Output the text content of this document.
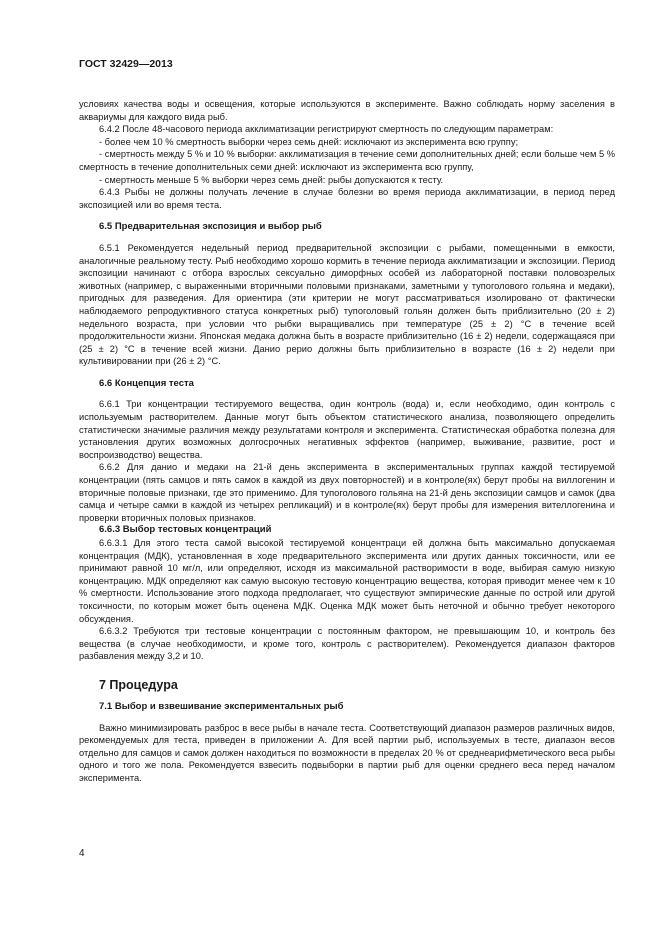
ГОСТ 32429—2013

условиях качества воды и освещения, которые используются в эксперименте. Важно соблюдать норму заселения в аквариумы для каждого вида рыб.

6.4.2 После 48-часового периода акклиматизации регистрируют смертность по следующим параметрам:

- более чем 10 % смертность выборки через семь дней: исключают из эксперимента всю группу;

- смертность между 5 % и 10 % выборки: акклиматизация в течение семи дополнительных дней; если больше чем 5 % смертность в течение дополнительных семи дней: исключают из эксперимента всю группу,

- смертность меньше 5 % выборки через семь дней: рыбы допускаются к тесту.

6.4.3 Рыбы не должны получать лечение в случае болезни во время периода акклиматизации, в период перед экспозицией или во время теста.

6.5 Предварительная экспозиция и выбор рыб

6.5.1 Рекомендуется недельный период предварительной экспозиции с рыбами, помещенными в емкости, аналогичные реальному тесту. Рыб необходимо хорошо кормить в течение периода акклиматизации и экспозиции. Период экспозиции начинают с отбора взрослых сексуально диморфных особей из лабораторной поставки половозрелых животных (например, с выраженными вторичными половыми признаками, заметными у тупоголового гольяна и медаки), пригодных для разведения. Для ориентира (эти критерии не могут рассматриваться изолировано от фактически наблюдаемого репродуктивного статуса конкретных рыб) тупоголовый гольян должен быть приблизительно (20 ± 2) недельного возраста, при условии что рыбки выращивались при температуре (25 ± 2) °С в течение всей продолжительности жизни. Японская медака должна быть в возрасте приблизительно (16 ± 2) недели, содержащаяся при (25 ± 2) °С в течение всей жизни. Данио рерио должны быть приблизительно в возрасте (16 ± 2) недели при культивировании при (26 ± 2) °С.

6.6 Концепция теста

6.6.1 Три концентрации тестируемого вещества, один контроль (вода) и, если необходимо, один контроль с используемым растворителем. Данные могут быть объектом статистического анализа, позволяющего определить статистически значимые различия между результатами контроля и эксперимента. Статистическая обработка полезна для установления других возможных долгосрочных негативных эффектов (например, выживание, развитие, рост и воспроизводство) вещества.

6.6.2 Для данио и медаки на 21-й день эксперимента в экспериментальных группах каждой тестируемой концентрации (пять самцов и пять самок в каждой из двух повторностей) и в контроле(ях) берут пробы на виллогенин и вторичные половые признаки, где это применимо. Для тупоголового гольяна на 21-й день экспозиции самцов и самок (два самца и четыре самки в каждой из четырех репликаций) и в контроле(ях) берут пробы для измерения вителлогенина и проверки вторичных половых признаков.

6.6.3 Выбор тестовых концентраций

6.6.3.1 Для этого теста самой высокой тестируемой концентраци ей должна быть максимально допускаемая концентрация (МДК), установленная в ходе предварительного эксперимента или других данных токсичности, или ее принимают равной 10 мг/л, или определяют, исходя из максимальной растворимости в воде, выбирая самую низкую концентрацию. МДК определяют как самую высокую тестовую концентрацию вещества, которая приводит менее чем к 10 % смертности. Использование этого подхода предполагает, что существуют эмпирические данные по острой или другой токсичности, по которым может быть оценена МДК. Оценка МДК может быть неточной и обычно требует некоторого обсуждения.

6.6.3.2 Требуются три тестовые концентрации с постоянным фактором, не превышающим 10, и контроль без вещества (в случае необходимости, и кроме того, контроль с растворителем). Рекомендуется диапазон факторов разбавления между 3,2 и 10.

7 Процедура
7.1 Выбор и взвешивание экспериментальных рыб

Важно минимизировать разброс в весе рыбы в начале теста. Соответствующий диапазон размеров различных видов, рекомендуемых для теста, приведен в приложении А. Для всей партии рыб, используемых в тесте, диапазон весов отдельно для самцов и самок должен находиться по возможности в пределах 20 % от среднеарифметического веса рыбы одного и того же пола. Рекомендуется взвесить подвыборки в партии рыб для оценки среднего веса перед началом эксперимента.

4
